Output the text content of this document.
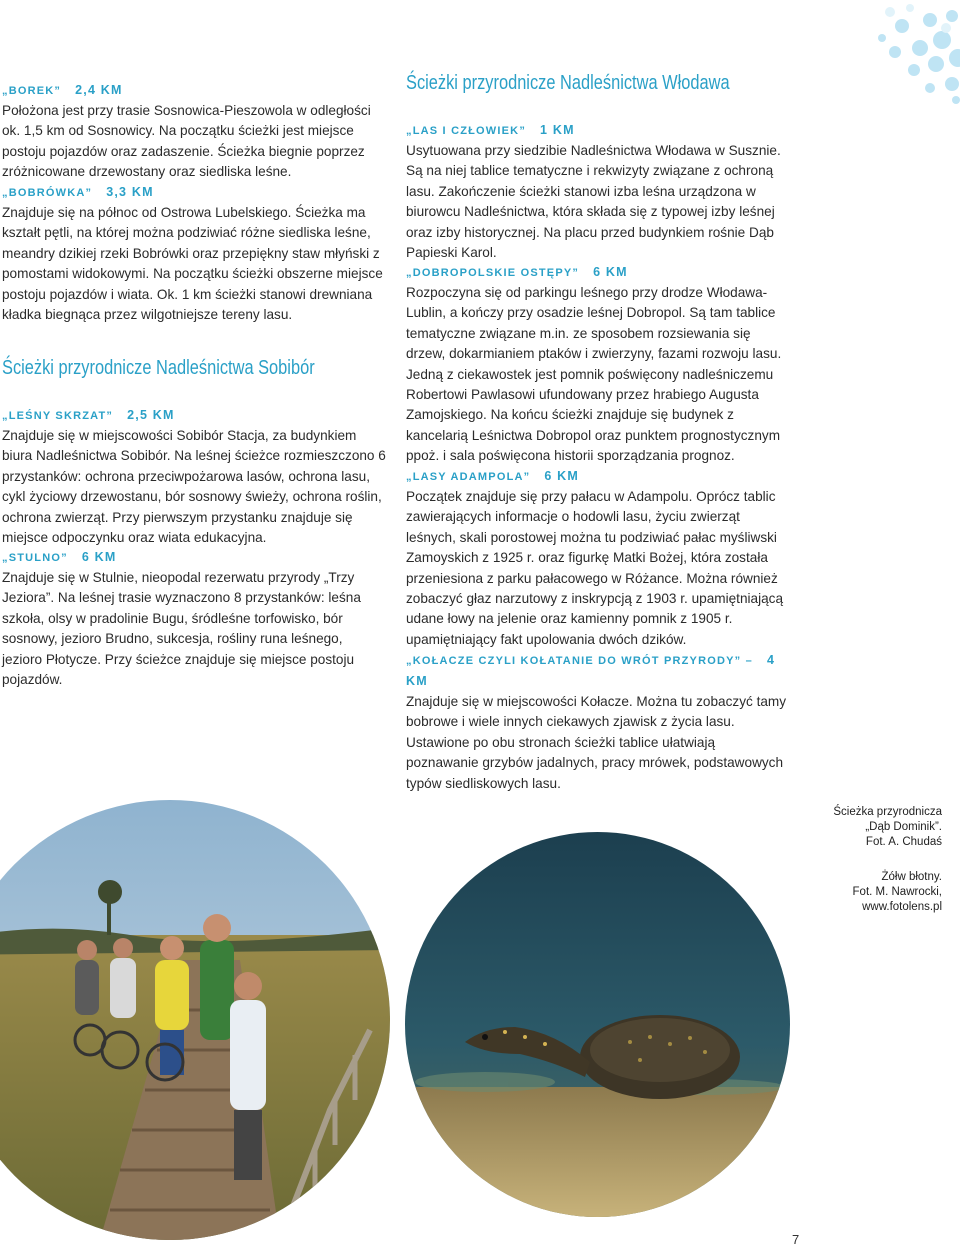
„BOREK” 2,4 KM

Położona jest przy trasie Sosnowica-Pieszowola w odległości ok. 1,5 km od Sosnowicy. Na początku ścieżki jest miejsce postoju pojazdów oraz zadaszenie. Ścieżka biegnie poprzez zróżnicowane drzewostany oraz siedliska leśne.

„BOBRÓWKA” 3,3 KM

Znajduje się na północ od Ostrowa Lubelskiego. Ścieżka ma kształt pętli, na której można podziwiać różne siedliska leśne, meandry dzikiej rzeki Bobrówki oraz przepiękny staw młyński z pomostami widokowymi. Na początku ścieżki obszerne miejsce postoju pojazdów i wiata. Ok. 1 km ścieżki stanowi drewniana kładka biegnąca przez wilgotniejsze tereny lasu.

Ścieżki przyrodnicze Nadleśnictwa Sobibór

„LEŚNY SKRZAT” 2,5 KM

Znajduje się w miejscowości Sobibór Stacja, za budynkiem biura Nadleśnictwa Sobibór. Na leśnej ścieżce rozmieszczono 6 przystanków: ochrona przeciwpożarowa lasów, ochrona lasu, cykl życiowy drzewostanu, bór sosnowy świeży, ochrona roślin, ochrona zwierząt. Przy pierwszym przystanku znajduje się miejsce odpoczynku oraz wiata edukacyjna.

„STULNO” 6 KM

Znajduje się w Stulnie, nieopodal rezerwatu przyrody „Trzy Jeziora”. Na leśnej trasie wyznaczono 8 przystanków: leśna szkoła, olsy w pradolinie Bugu, śródleśne torfowisko, bór sosnowy, jezioro Brudno, sukcesja, rośliny runa leśnego, jezioro Płotycze. Przy ścieżce znajduje się miejsce postoju pojazdów.

Ścieżki przyrodnicze Nadleśnictwa Włodawa

„LAS I CZŁOWIEK” 1 KM

Usytuowana przy siedzibie Nadleśnictwa Włodawa w Susznie. Są na niej tablice tematyczne i rekwizyty związane z ochroną lasu. Zakończenie ścieżki stanowi izba leśna urządzona w biurowcu Nadleśnictwa, która składa się z typowej izby leśnej oraz izby historycznej. Na placu przed budynkiem rośnie Dąb Papieski Karol.

„DOBROPOLSKIE OSTĘPY” 6 KM

Rozpoczyna się od parkingu leśnego przy drodze Włodawa-Lublin, a kończy przy osadzie leśnej Dobropol. Są tam tablice tematyczne związane m.in. ze sposobem rozsiewania się drzew, dokarmianiem ptaków i zwierzyny, fazami rozwoju lasu. Jedną z ciekawostek jest pomnik poświęcony nadleśniczemu Robertowi Pawlasowi ufundowany przez hrabiego Augusta Zamojskiego. Na końcu ścieżki znajduje się budynek z kancelarią Leśnictwa Dobropol oraz punktem prognostycznym ppoż. i sala poświęcona historii sporządzania prognoz.

„LASY ADAMPOLA” 6 KM

Początek znajduje się przy pałacu w Adampolu. Oprócz tablic zawierających informacje o hodowli lasu, życiu zwierząt leśnych, skali porostowej można tu podziwiać pałac myśliwski Zamoyskich z 1925 r. oraz figurkę Matki Bożej, która została przeniesiona z parku pałacowego w Różance. Można również zobaczyć głaz narzutowy z inskrypcją z 1903 r. upamiętniającą udane łowy na jelenie oraz kamienny pomnik z 1905 r. upamiętniający fakt upolowania dwóch dzików.

„KOŁACZE CZYLI KOŁATANIE DO WRÓT PRZYRODY” – 4 KM

Znajduje się w miejscowości Kołacze. Można tu zobaczyć tamy bobrowe i wiele innych ciekawych zjawisk z życia lasu. Ustawione po obu stronach ścieżki tablice ułatwiają poznawanie grzybów jadalnych, pracy mrówek, podstawowych typów siedliskowych lasu.

Ścieżka przyrodnicza
„Dąb Dominik”.
Fot. A. Chudaś
Żółw błotny.
Fot. M. Nawrocki,
www.fotolens.pl
7
